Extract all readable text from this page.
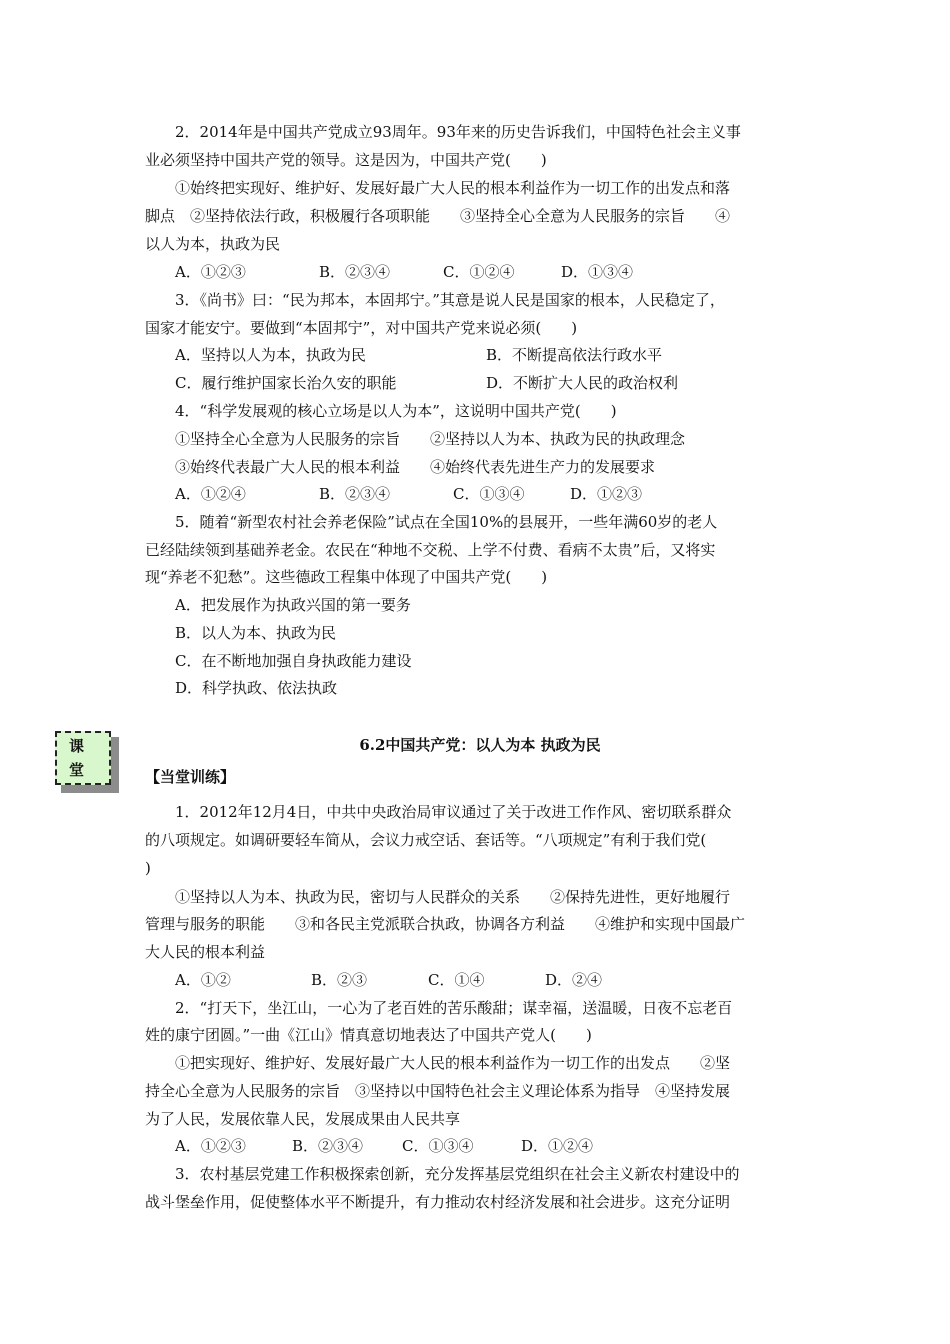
2．2014年是中国共产党成立93周年。93年来的历史告诉我们，中国特色社会主义事
业必须坚持中国共产党的领导。这是因为，中国共产党(　　)
①始终把实现好、维护好、发展好最广大人民的根本利益作为一切工作的出发点和落
脚点　②坚持依法行政，积极履行各项职能　　③坚持全心全意为人民服务的宗旨　　④
以人为本，执政为民
A．①②③	B．②③④	C．①②④	D．①③④
3．《尚书》曰：“民为邦本，本固邦宁。”其意是说人民是国家的根本，人民稳定了，
国家才能安宁。要做到“本固邦宁”，对中国共产党来说必须(　　)
A．坚持以人为本，执政为民	B．不断提高依法行政水平
C．履行维护国家长治久安的职能	D．不断扩大人民的政治权利
4．“科学发展观的核心立场是以人为本”，这说明中国共产党(　　)
①坚持全心全意为人民服务的宗旨　　②坚持以人为本、执政为民的执政理念
③始终代表最广大人民的根本利益　　④始终代表先进生产力的发展要求
A．①②④	B．②③④	C．①③④	D．①②③
5．随着“新型农村社会养老保险”试点在全国10%的县展开，一些年满60岁的老人
已经陆续领到基础养老金。农民在“种地不交税、上学不付费、看病不太贵”后，又将实
现“养老不犯愁”。这些德政工程集中体现了中国共产党(　　)
A．把发展作为执政兴国的第一要务
B．以人为本、执政为民
C．在不断地加强自身执政能力建设
D．科学执政、依法执政
课
堂
6.2中国共产党：以人为本 执政为民
【当堂训练】
1．2012年12月4日，中共中央政治局审议通过了关于改进工作作风、密切联系群众
的八项规定。如调研要轻车简从，会议力戒空话、套话等。“八项规定”有利于我们党(
)
①坚持以人为本、执政为民，密切与人民群众的关系　　②保持先进性，更好地履行
管理与服务的职能　　③和各民主党派联合执政，协调各方利益　　④维护和实现中国最广
大人民的根本利益
A．①②	B．②③	C．①④	D．②④
2．“打天下，坐江山，一心为了老百姓的苦乐酸甜；谋幸福，送温暖，日夜不忘老百
姓的康宁团圆。”一曲《江山》情真意切地表达了中国共产党人(　　)
①把实现好、维护好、发展好最广大人民的根本利益作为一切工作的出发点　　②坚
持全心全意为人民服务的宗旨　③坚持以中国特色社会主义理论体系为指导　④坚持发展
为了人民，发展依靠人民，发展成果由人民共享
A．①②③	B．②③④	C．①③④	D．①②④
3．农村基层党建工作积极探索创新，充分发挥基层党组织在社会主义新农村建设中的
战斗堡垒作用，促使整体水平不断提升，有力推动农村经济发展和社会进步。这充分证明
